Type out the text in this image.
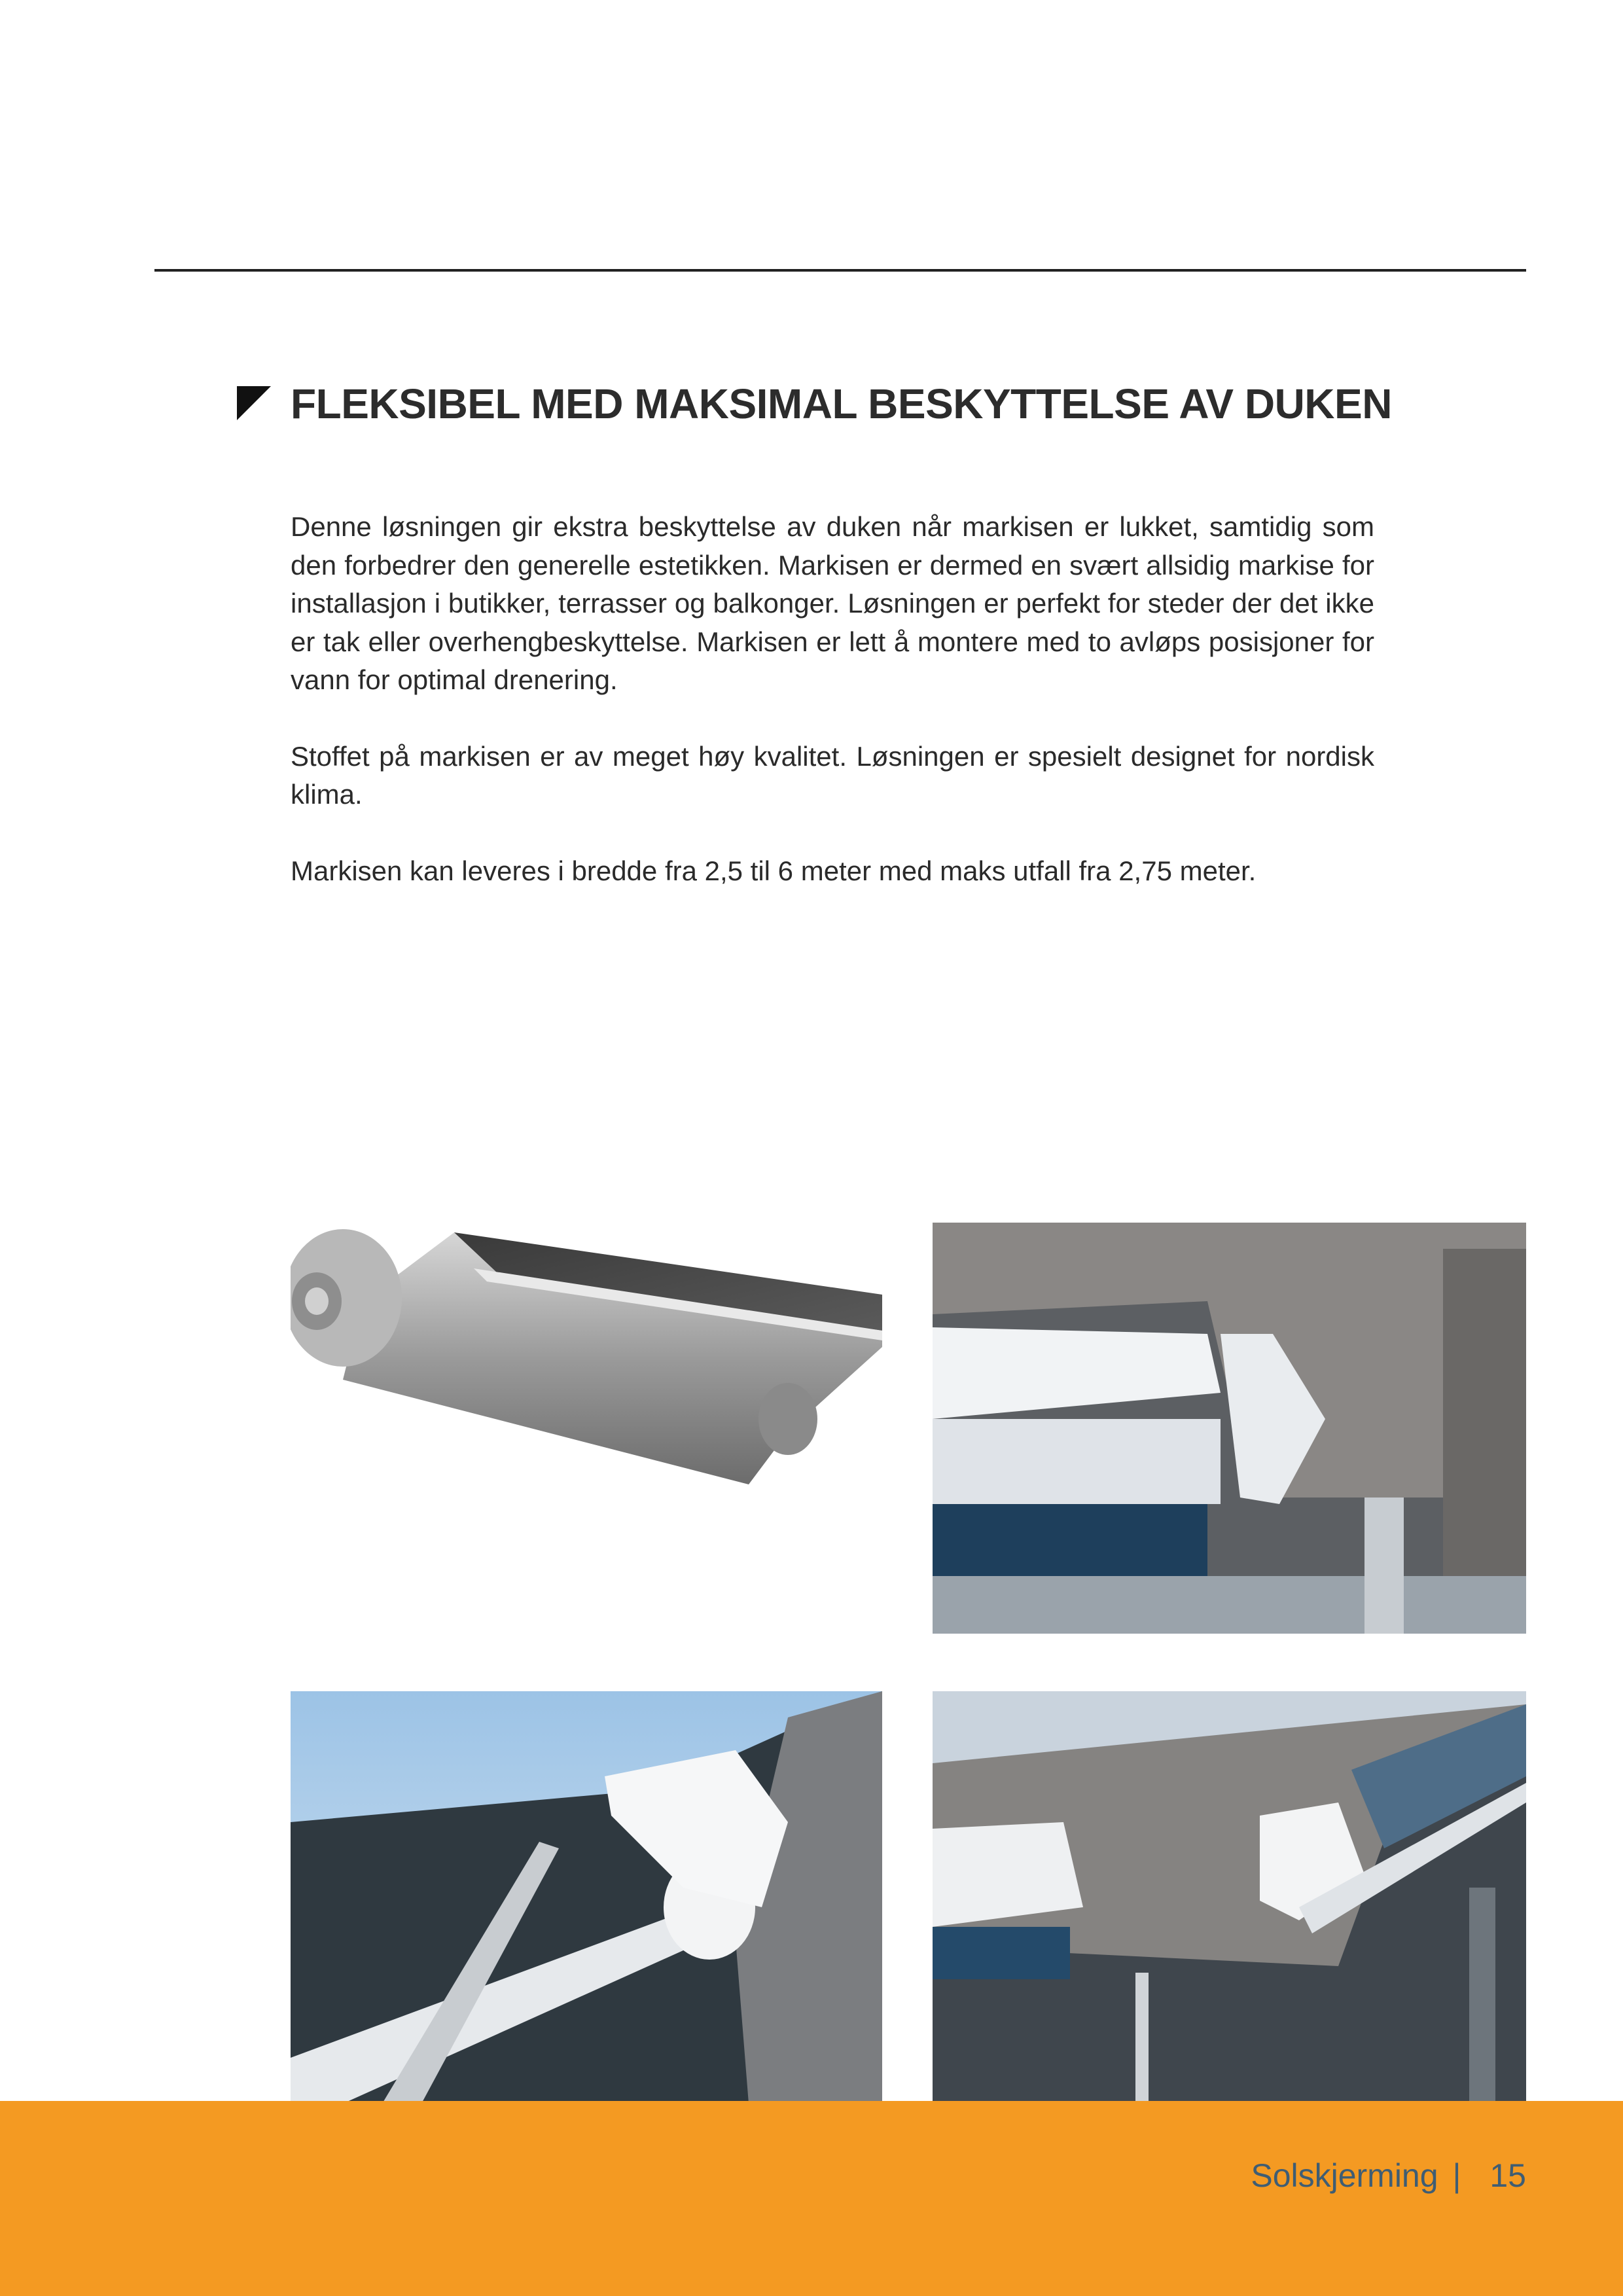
FLEKSIBEL MED MAKSIMAL BESKYTTELSE AV DUKEN

Denne løsningen gir ekstra beskyttelse av duken når markisen er lukket, samtidig som den forbedrer den generelle estetikken. Markisen er dermed en svært allsidig markise for installasjon i butikker, terrasser og balkonger. Løsningen er perfekt for steder der det ikke er tak eller overhengbeskyttelse. Markisen er lett å montere med to avløps posisjoner for vann for optimal drenering.

Stoffet på markisen er av meget høy kvalitet. Løsningen er spesielt designet for nordisk klima.

Markisen kan leveres i bredde fra 2,5 til 6 meter med maks utfall fra 2,75 meter.

Solskjerming | 15
